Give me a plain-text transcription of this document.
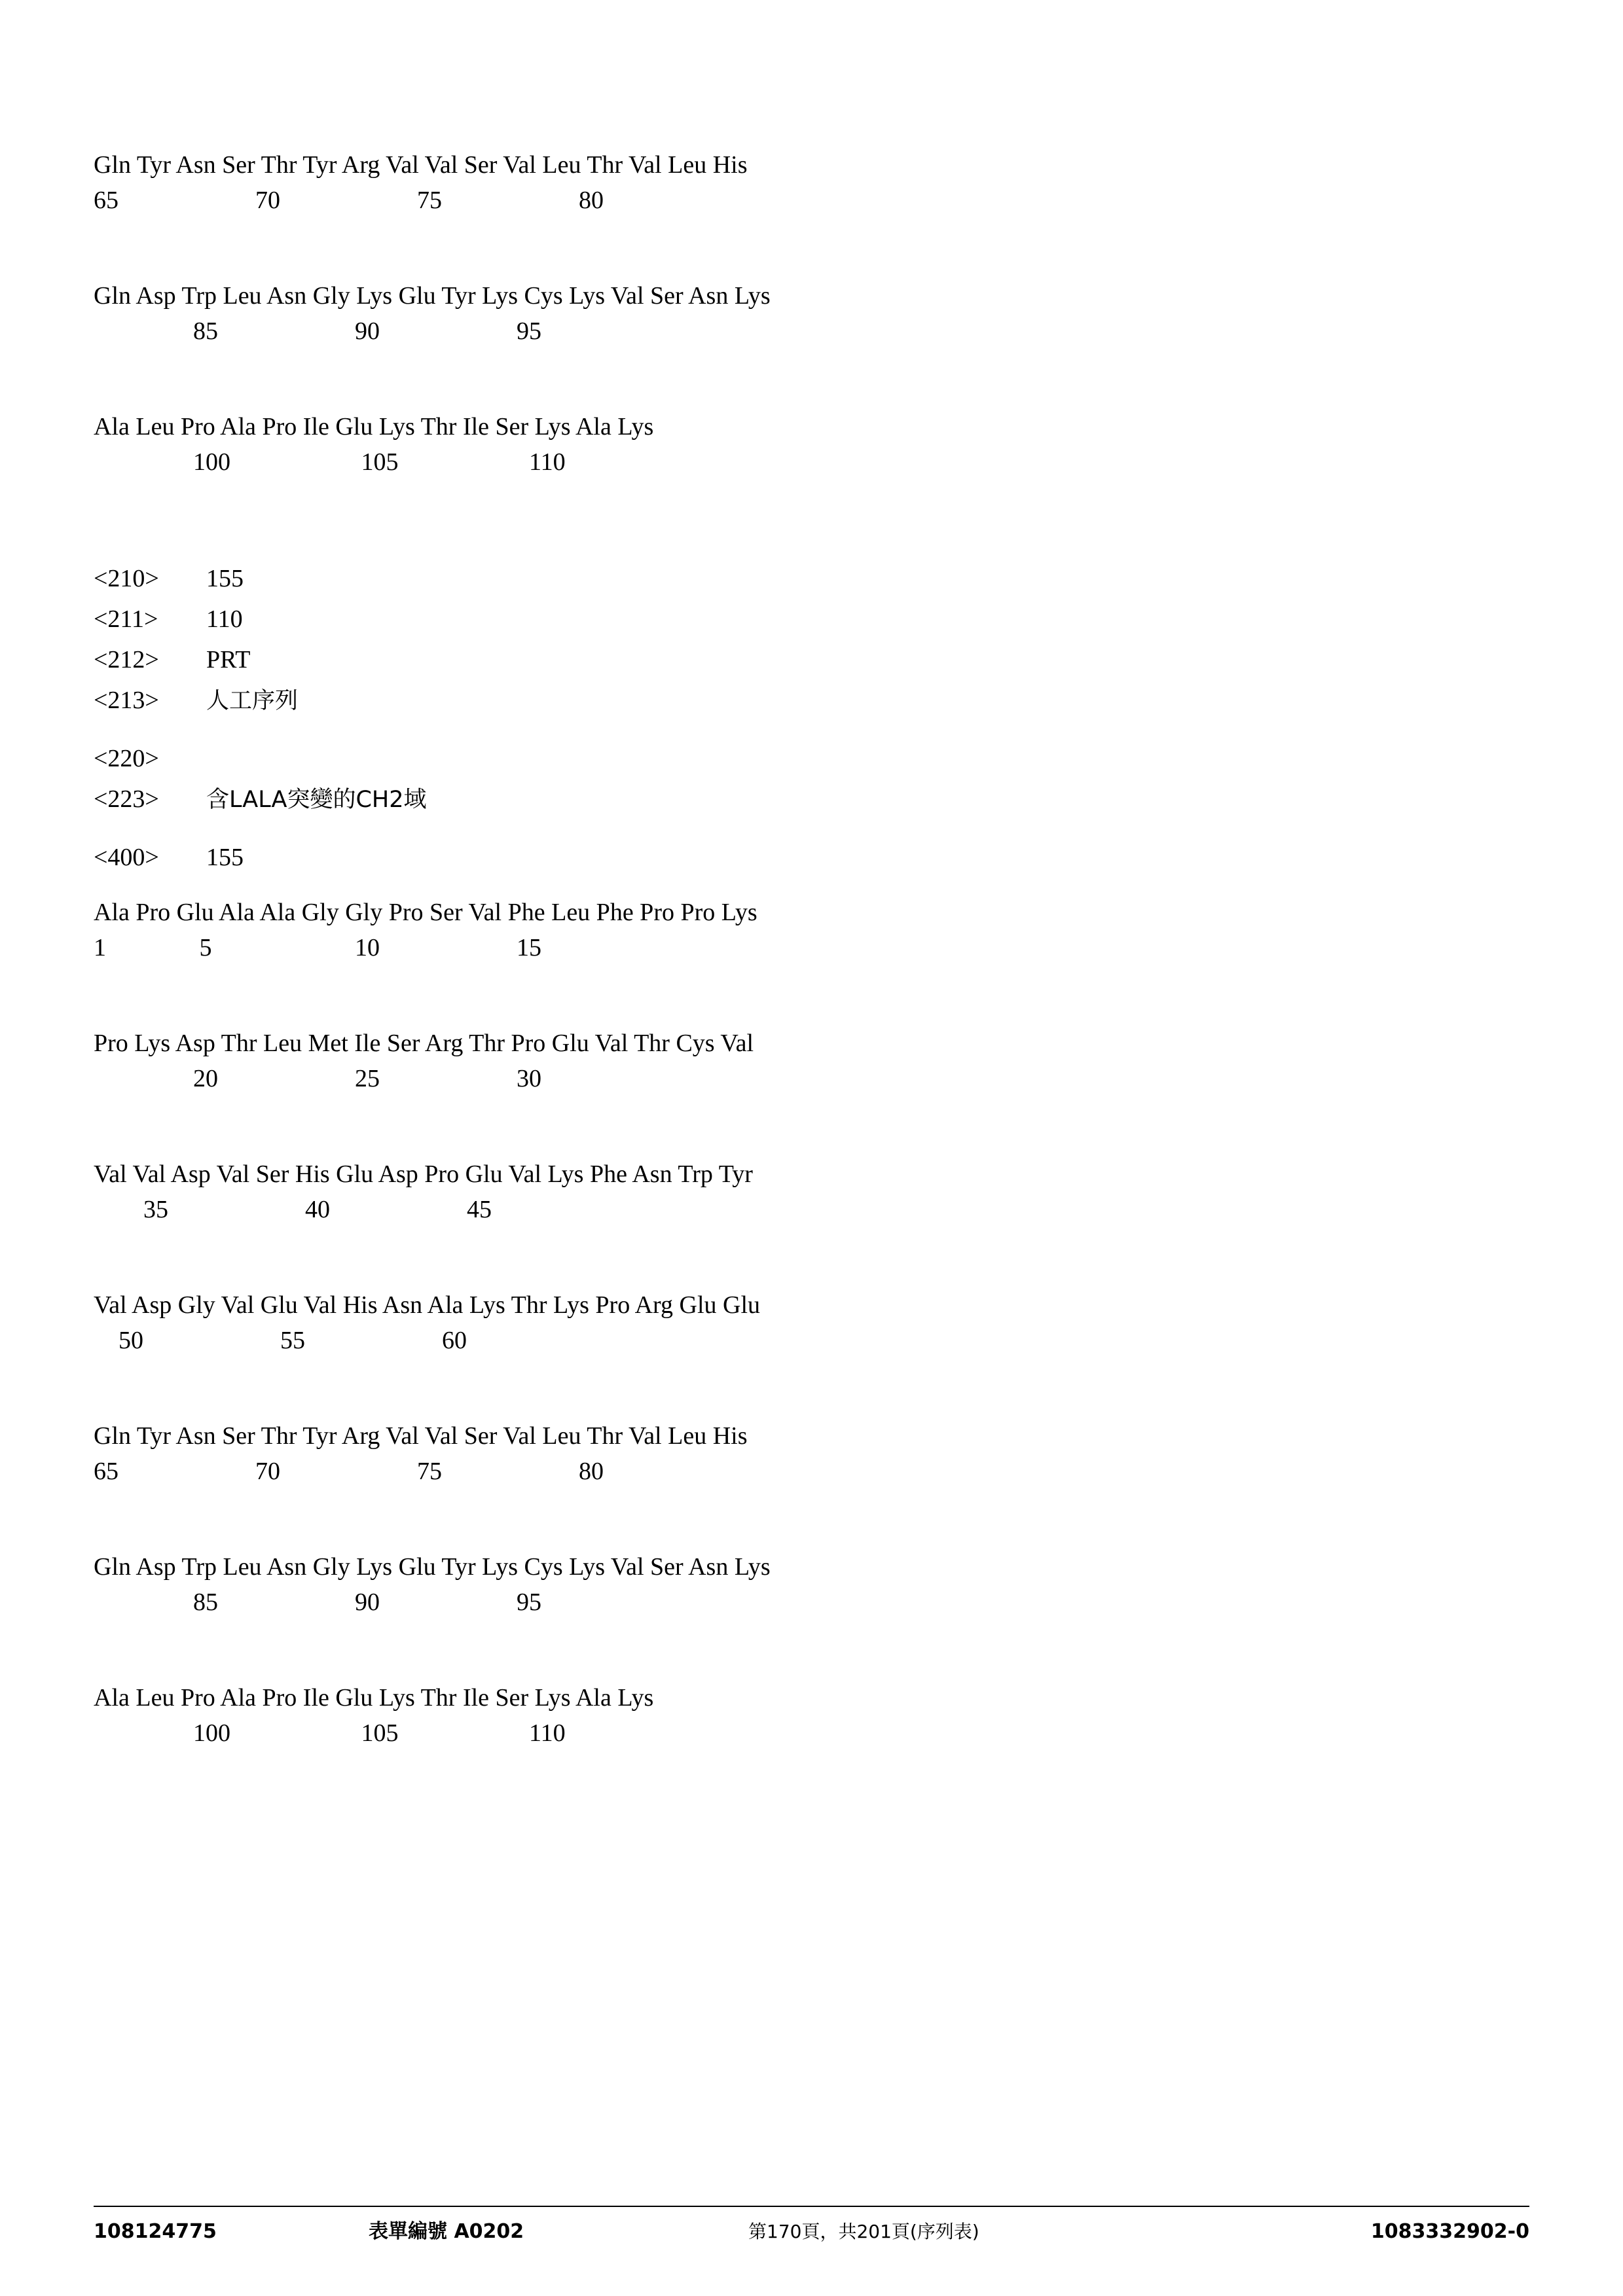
Gln Tyr Asn Ser Thr Tyr Arg Val Val Ser Val Leu Thr Val Leu His
65                      70                      75                      80
Gln Asp Trp Leu Asn Gly Lys Glu Tyr Lys Cys Lys Val Ser Asn Lys
85                      90                      95
Ala Leu Pro Ala Pro Ile Glu Lys Thr Ile Ser Lys Ala Lys
100                     105                     110
<210>	155
<211>	110
<212>	PRT
<213>	人工序列
<220>
<223>	含LALA突變的CH2域
<400>	155
Ala Pro Glu Ala Ala Gly Gly Pro Ser Val Phe Leu Phe Pro Pro Lys
1               5                       10                      15
Pro Lys Asp Thr Leu Met Ile Ser Arg Thr Pro Glu Val Thr Cys Val
20                      25                      30
Val Val Asp Val Ser His Glu Asp Pro Glu Val Lys Phe Asn Trp Tyr
35                      40                      45
Val Asp Gly Val Glu Val His Asn Ala Lys Thr Lys Pro Arg Glu Glu
50                      55                      60
Gln Tyr Asn Ser Thr Tyr Arg Val Val Ser Val Leu Thr Val Leu His
65                      70                      75                      80
Gln Asp Trp Leu Asn Gly Lys Glu Tyr Lys Cys Lys Val Ser Asn Lys
85                      90                      95
Ala Leu Pro Ala Pro Ile Glu Lys Thr Ile Ser Lys Ala Lys
100                     105                     110
108124775	表單編號 A0202	第170頁，共201頁(序列表)	1083332902-0
